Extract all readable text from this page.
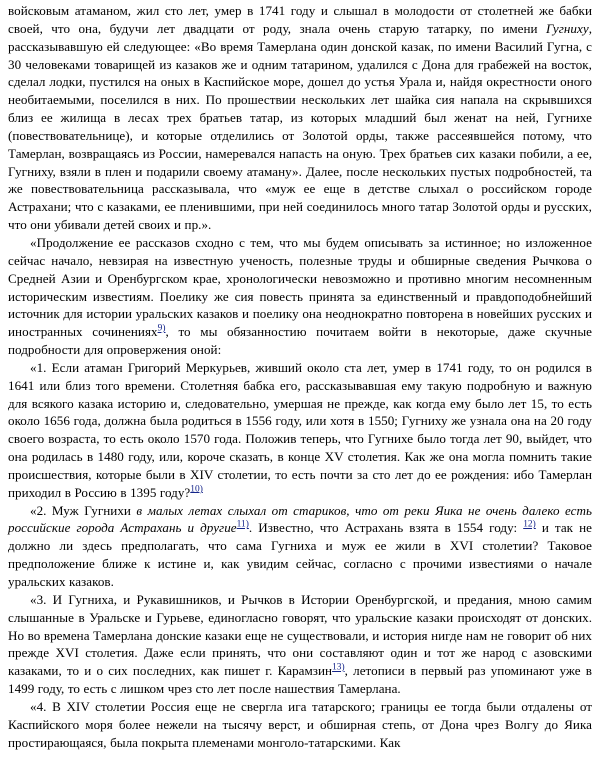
войсковым атаманом, жил сто лет, умер в 1741 году и слышал в молодости от столетней же бабки своей, что она, будучи лет двадцати от роду, знала очень старую татарку, по имени Гугниху, рассказывавшую ей следующее: «Во время Тамерлана один донской казак, по имени Василий Гугна, с 30 человеками товарищей из казаков же и одним татарином, удалился с Дона для грабежей на восток, сделал лодки, пустился на оных в Каспийское море, дошел до устья Урала и, найдя окрестности оного необитаемыми, поселился в них. По прошествии нескольких лет шайка сия напала на скрывшихся близ ее жилища в лесах трех братьев татар, из которых младший был женат на ней, Гугнихе (повествовательнице), и которые отделились от Золотой орды, также рассеявшейся потому, что Тамерлан, возвращаясь из России, намеревался напасть на оную. Трех братьев сих казаки побили, а ее, Гугниху, взяли в плен и подарили своему атаману». Далее, после нескольких пустых подробностей, та же повествовательница рассказывала, что «муж ее еще в детстве слыхал о российском городе Астрахани; что с казаками, ее пленившими, при ней соединилось много татар Золотой орды и русских, что они убивали детей своих и пр.».

«Продолжение ее рассказов сходно с тем, что мы будем описывать за истинное; но изложенное сейчас начало, невзирая на известную ученость, полезные труды и обширные сведения Рычкова о Средней Азии и Оренбургском крае, хронологически невозможно и противно многим несомненным историческим известиям. Поелику же сия повесть принята за единственный и правдоподобнейший источник для истории уральских казаков и поелику она неоднократно повторена в новейших русских и иностранных сочинениях$^{9)}$, то мы обязанностию почитаем войти в некоторые, даже скучные подробности для опровержения оной:

«1. Если атаман Григорий Меркурьев, живший около ста лет, умер в 1741 году, то он родился в 1641 или близ того времени. Столетняя бабка его, рассказывавшая ему такую подробную и важную для всякого казака историю и, следовательно, умершая не прежде, как когда ему было лет 15, то есть около 1656 года, должна была родиться в 1556 году, или хотя в 1550; Гугниху же узнала она на 20 году своего возраста, то есть около 1570 года. Положив теперь, что Гугнихе было тогда лет 90, выйдет, что она родилась в 1480 году, или, короче сказать, в конце XV столетия. Как же она могла помнить такие происшествия, которые были в XIV столетии, то есть почти за сто лет до ее рождения: ибо Тамерлан приходил в Россию в 1395 году?$^{10)}$

«2. Муж Гугнихи в малых летах слыхал от стариков, что от реки Яика не очень далеко есть российские города Астрахань и другие$^{11)}$. Известно, что Астрахань взята в 1554 году: $^{12)}$ и так не должно ли здесь предполагать, что сама Гугниха и муж ее жили в XVI столетии? Таковое предположение ближе к истине и, как увидим сейчас, согласно с прочими известиями о начале уральских казаков.

«3. И Гугниха, и Рукавишников, и Рычков в Истории Оренбургской, и предания, мною самим слышанные в Уральске и Гурьеве, единогласно говорят, что уральские казаки происходят от донских. Но во времена Тамерлана донские казаки еще не существовали, и история нигде нам не говорит об них прежде XVI столетия. Даже если принять, что они составляют один и тот же народ с азовскими казаками, то и о сих последних, как пишет г. Карамзин$^{13)}$, летописи в первый раз упоминают уже в 1499 году, то есть с лишком чрез сто лет после нашествия Тамерлана.

«4. В XIV столетии Россия еще не свергла ига татарского; границы ее тогда были отдалены от Каспийского моря более нежели на тысячу верст, и обширная степь, от Дона чрез Волгу до Яика простирающаяся, была покрыта племенами монголо-татарскими. Как
